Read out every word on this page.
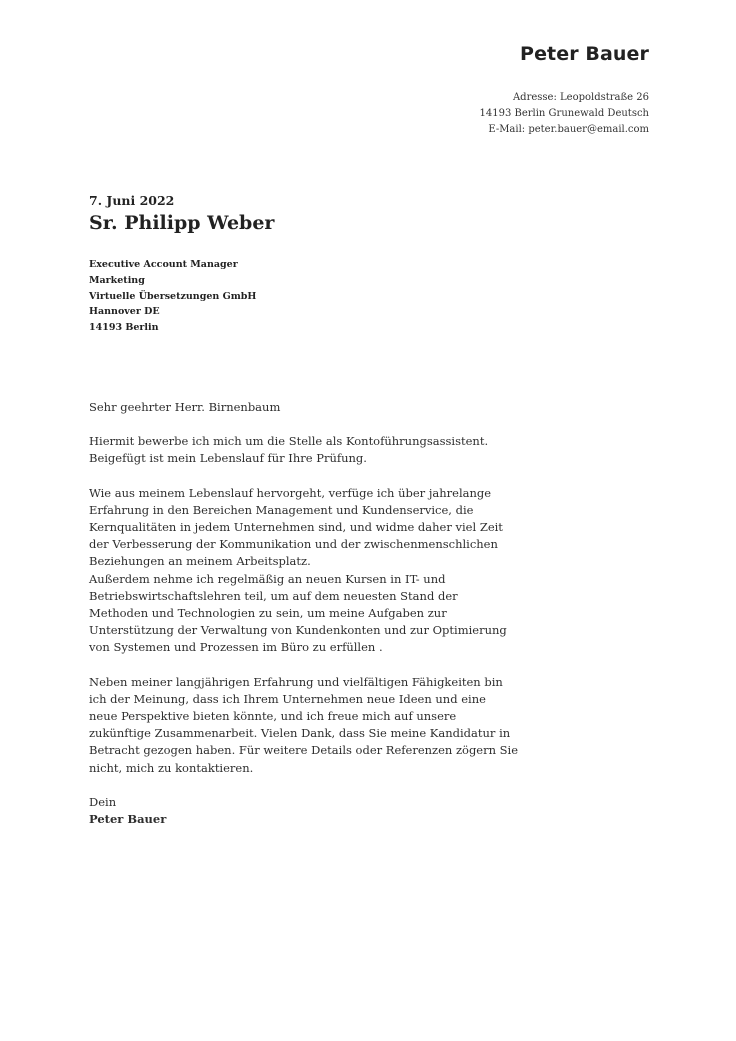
Peter Bauer
Adresse: Leopoldstraße 26
14193 Berlin Grunewald Deutsch
E-Mail: peter.bauer@email.com
7. Juni 2022
Sr. Philipp Weber
Executive Account Manager
Marketing
Virtuelle Übersetzungen GmbH
Hannover DE
14193 Berlin

Sehr geehrter Herr. Birnenbaum

Hiermit bewerbe ich mich um die Stelle als Kontoführungsassistent.
Beigefügt ist mein Lebenslauf für Ihre Prüfung.

Wie aus meinem Lebenslauf hervorgeht, verfüge ich über jahrelange
Erfahrung in den Bereichen Management und Kundenservice, die
Kernqualitäten in jedem Unternehmen sind, und widme daher viel Zeit
der Verbesserung der Kommunikation und der zwischenmenschlichen
Beziehungen an meinem Arbeitsplatz.
Außerdem nehme ich regelmäßig an neuen Kursen in IT- und
Betriebswirtschaftslehren teil, um auf dem neuesten Stand der
Methoden und Technologien zu sein, um meine Aufgaben zur
Unterstützung der Verwaltung von Kundenkonten und zur Optimierung
von Systemen und Prozessen im Büro zu erfüllen .

Neben meiner langjährigen Erfahrung und vielfältigen Fähigkeiten bin
ich der Meinung, dass ich Ihrem Unternehmen neue Ideen und eine
neue Perspektive bieten könnte, und ich freue mich auf unsere
zukünftige Zusammenarbeit. Vielen Dank, dass Sie meine Kandidatur in
Betracht gezogen haben. Für weitere Details oder Referenzen zögern Sie
nicht, mich zu kontaktieren.

Dein
Peter Bauer
